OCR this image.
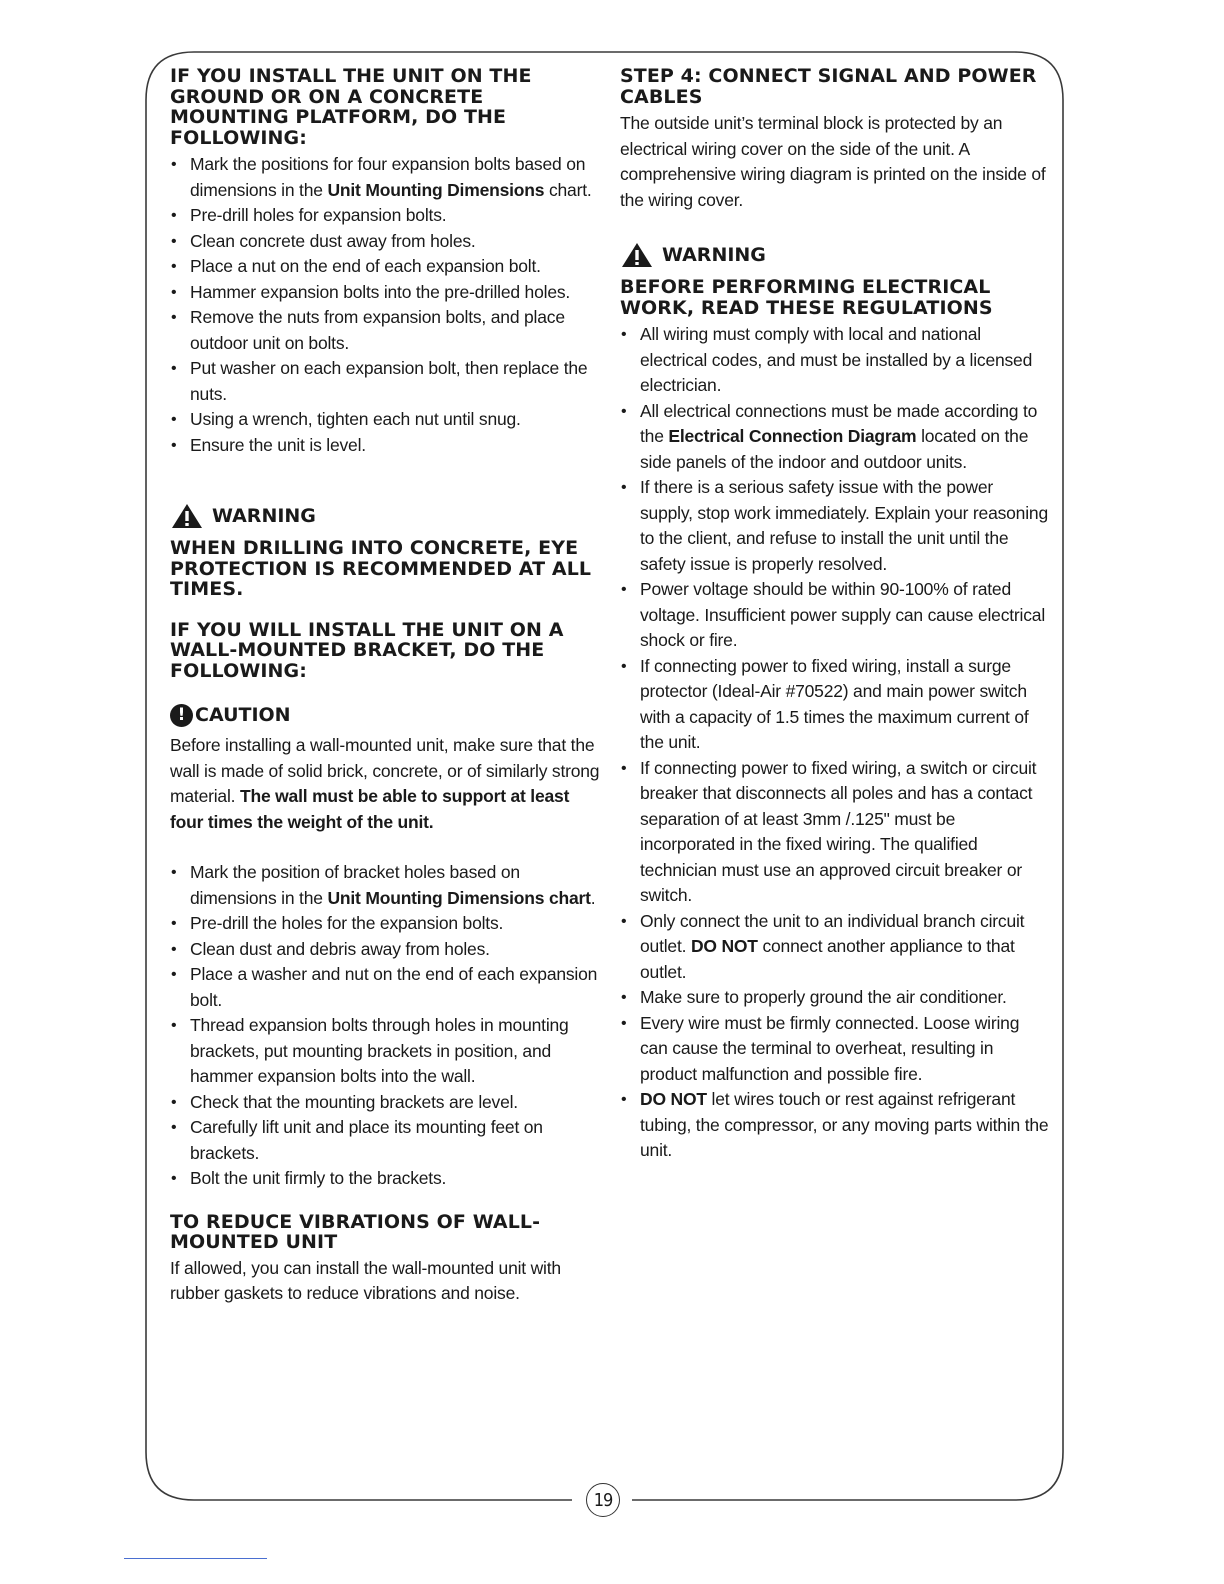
IF YOU INSTALL THE UNIT ON THE GROUND OR ON A CONCRETE MOUNTING PLATFORM, DO THE FOLLOWING:
• Mark the positions for four expansion bolts based on dimensions in the Unit Mounting Dimensions chart.
• Pre-drill holes for expansion bolts.
• Clean concrete dust away from holes.
• Place a nut on the end of each expansion bolt.
• Hammer expansion bolts into the pre-drilled holes.
• Remove the nuts from expansion bolts, and place outdoor unit on bolts.
• Put washer on each expansion bolt, then replace the nuts.
• Using a wrench, tighten each nut until snug.
• Ensure the unit is level.
WARNING
WHEN DRILLING INTO CONCRETE, EYE PROTECTION IS RECOMMENDED AT ALL TIMES.
IF YOU WILL INSTALL THE UNIT ON A WALL-MOUNTED BRACKET, DO THE FOLLOWING:
! CAUTION

Before installing a wall-mounted unit, make sure that the wall is made of solid brick, concrete, or of similarly strong material. The wall must be able to support at least four times the weight of the unit.

• Mark the position of bracket holes based on dimensions in the Unit Mounting Dimensions chart.
• Pre-drill the holes for the expansion bolts.
• Clean dust and debris away from holes.
• Place a washer and nut on the end of each expansion bolt.
• Thread expansion bolts through holes in mounting brackets, put mounting brackets in position, and hammer expansion bolts into the wall.
• Check that the mounting brackets are level.
• Carefully lift unit and place its mounting feet on brackets.
• Bolt the unit firmly to the brackets.
TO REDUCE VIBRATIONS OF WALL-MOUNTED UNIT

If allowed, you can install the wall-mounted unit with rubber gaskets to reduce vibrations and noise.

STEP 4: CONNECT SIGNAL AND POWER CABLES

The outside unit’s terminal block is protected by an electrical wiring cover on the side of the unit. A comprehensive wiring diagram is printed on the inside of the wiring cover.

WARNING
BEFORE PERFORMING ELECTRICAL WORK, READ THESE REGULATIONS
• All wiring must comply with local and national electrical codes, and must be installed by a licensed electrician.
• All electrical connections must be made according to the Electrical Connection Diagram located on the side panels of the indoor and outdoor units.
• If there is a serious safety issue with the power supply, stop work immediately. Explain your reasoning to the client, and refuse to install the unit until the safety issue is properly resolved.
• Power voltage should be within 90-100% of rated voltage. Insufficient power supply can cause electrical shock or fire.
• If connecting power to fixed wiring, install a surge protector (Ideal-Air #70522) and main power switch with a capacity of 1.5 times the maximum current of the unit.
• If connecting power to fixed wiring, a switch or circuit breaker that disconnects all poles and has a contact separation of at least 3mm /.125" must be incorporated in the fixed wiring. The qualified technician must use an approved circuit breaker or switch.
• Only connect the unit to an individual branch circuit outlet. DO NOT connect another appliance to that outlet.
• Make sure to properly ground the air conditioner.
• Every wire must be firmly connected. Loose wiring can cause the terminal to overheat, resulting in product malfunction and possible fire.
• DO NOT let wires touch or rest against refrigerant tubing, the compressor, or any moving parts within the unit.
19
